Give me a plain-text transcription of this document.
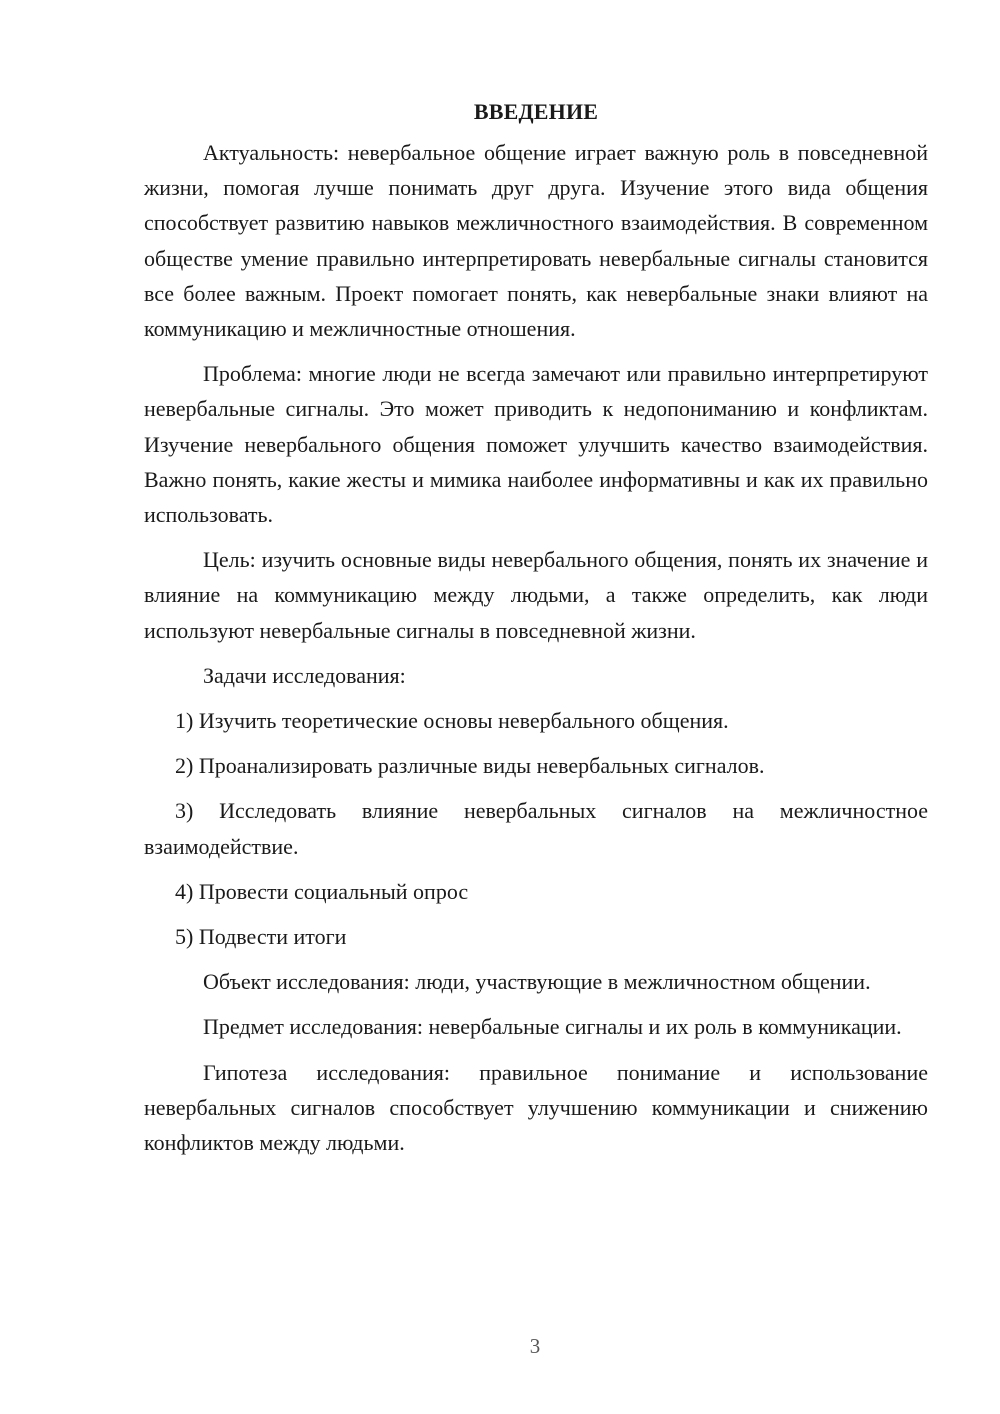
ВВЕДЕНИЕ

Актуальность: невербальное общение играет важную роль в повседневной жизни, помогая лучше понимать друг друга. Изучение этого вида общения способствует развитию навыков межличностного взаимодействия. В современном обществе умение правильно интерпретировать невербальные сигналы становится все более важным. Проект помогает понять, как невербальные знаки влияют на коммуникацию и межличностные отношения.

Проблема: многие люди не всегда замечают или правильно интерпретируют невербальные сигналы. Это может приводить к недопониманию и конфликтам. Изучение невербального общения поможет улучшить качество взаимодействия. Важно понять, какие жесты и мимика наиболее информативны и как их правильно использовать.

Цель: изучить основные виды невербального общения, понять их значение и влияние на коммуникацию между людьми, а также определить, как люди используют невербальные сигналы в повседневной жизни.

Задачи исследования:

1) Изучить теоретические основы невербального общения.

2) Проанализировать различные виды невербальных сигналов.

3) Исследовать влияние невербальных сигналов на межличностное взаимодействие.

4) Провести социальный опрос

5) Подвести итоги

Объект исследования: люди, участвующие в межличностном общении.

Предмет исследования: невербальные сигналы и их роль в коммуникации.

Гипотеза исследования: правильное понимание и использование невербальных сигналов способствует улучшению коммуникации и снижению конфликтов между людьми.

3
